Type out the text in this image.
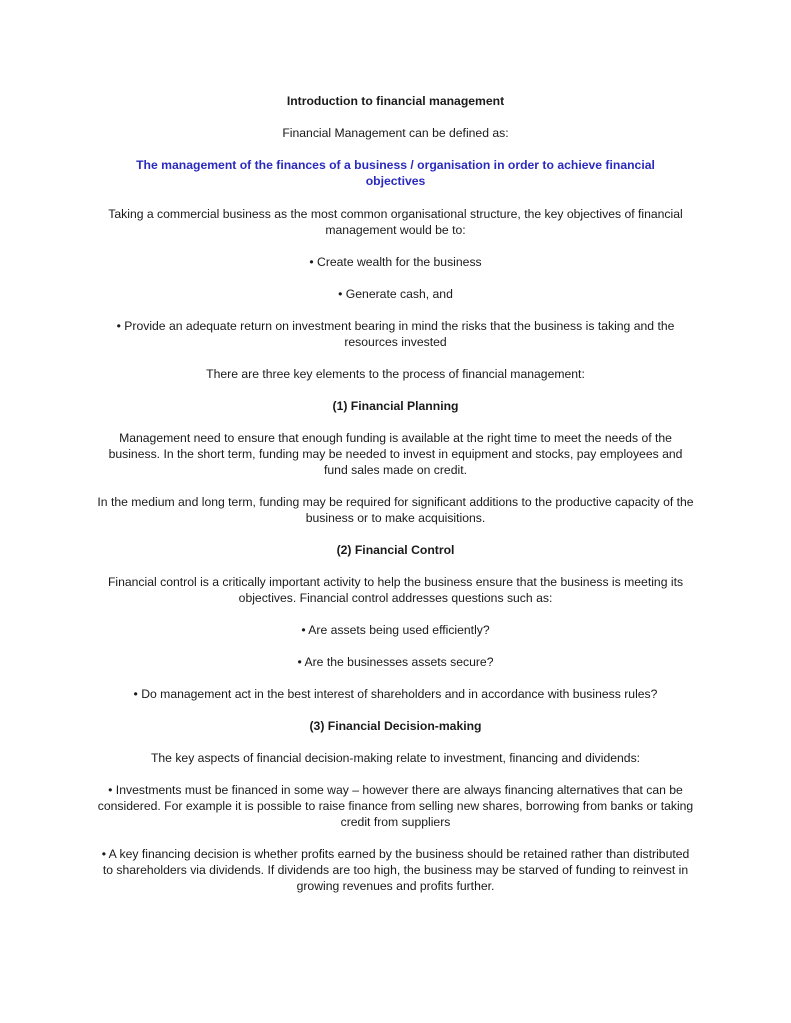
Introduction to financial management

Financial Management can be defined as:

The management of the finances of a business / organisation in order to achieve financial objectives

Taking a commercial business as the most common organisational structure, the key objectives of financial management would be to:

• Create wealth for the business

• Generate cash, and

• Provide an adequate return on investment bearing in mind the risks that the business is taking and the resources invested

There are three key elements to the process of financial management:

(1) Financial Planning

Management need to ensure that enough funding is available at the right time to meet the needs of the business. In the short term, funding may be needed to invest in equipment and stocks, pay employees and fund sales made on credit.

In the medium and long term, funding may be required for significant additions to the productive capacity of the business or to make acquisitions.

(2) Financial Control

Financial control is a critically important activity to help the business ensure that the business is meeting its objectives. Financial control addresses questions such as:

• Are assets being used efficiently?

• Are the businesses assets secure?

• Do management act in the best interest of shareholders and in accordance with business rules?

(3) Financial Decision-making

The key aspects of financial decision-making relate to investment, financing and dividends:

• Investments must be financed in some way – however there are always financing alternatives that can be considered. For example it is possible to raise finance from selling new shares, borrowing from banks or taking credit from suppliers

• A key financing decision is whether profits earned by the business should be retained rather than distributed to shareholders via dividends. If dividends are too high, the business may be starved of funding to reinvest in growing revenues and profits further.
